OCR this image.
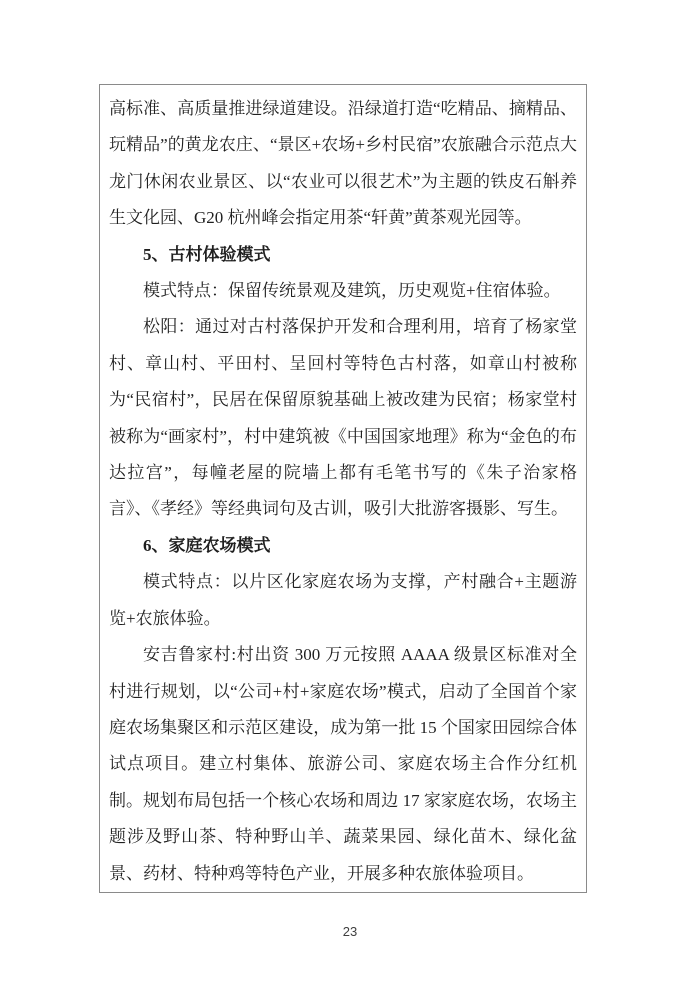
高标准、高质量推进绿道建设。沿绿道打造“吃精品、摘精品、玩精品”的黄龙农庄、“景区+农场+乡村民宿”农旅融合示范点大龙门休闲农业景区、以“农业可以很艺术”为主题的铁皮石斛养生文化园、G20 杭州峰会指定用茶“轩黄”黄茶观光园等。

5、古村体验模式

模式特点：保留传统景观及建筑，历史观览+住宿体验。

松阳：通过对古村落保护开发和合理利用，培育了杨家堂村、章山村、平田村、呈回村等特色古村落，如章山村被称为“民宿村”，民居在保留原貌基础上被改建为民宿；杨家堂村被称为“画家村”，村中建筑被《中国国家地理》称为“金色的布达拉宫”，每幢老屋的院墙上都有毛笔书写的《朱子治家格言》、《孝经》等经典词句及古训，吸引大批游客摄影、写生。

6、家庭农场模式

模式特点：以片区化家庭农场为支撑，产村融合+主题游览+农旅体验。

安吉鲁家村:村出资 300 万元按照 AAAA 级景区标准对全村进行规划，以“公司+村+家庭农场”模式，启动了全国首个家庭农场集聚区和示范区建设，成为第一批 15 个国家田园综合体试点项目。建立村集体、旅游公司、家庭农场主合作分红机制。规划布局包括一个核心农场和周边 17 家家庭农场，农场主题涉及野山茶、特种野山羊、蔬菜果园、绿化苗木、绿化盆景、药材、特种鸡等特色产业，开展多种农旅体验项目。

23
